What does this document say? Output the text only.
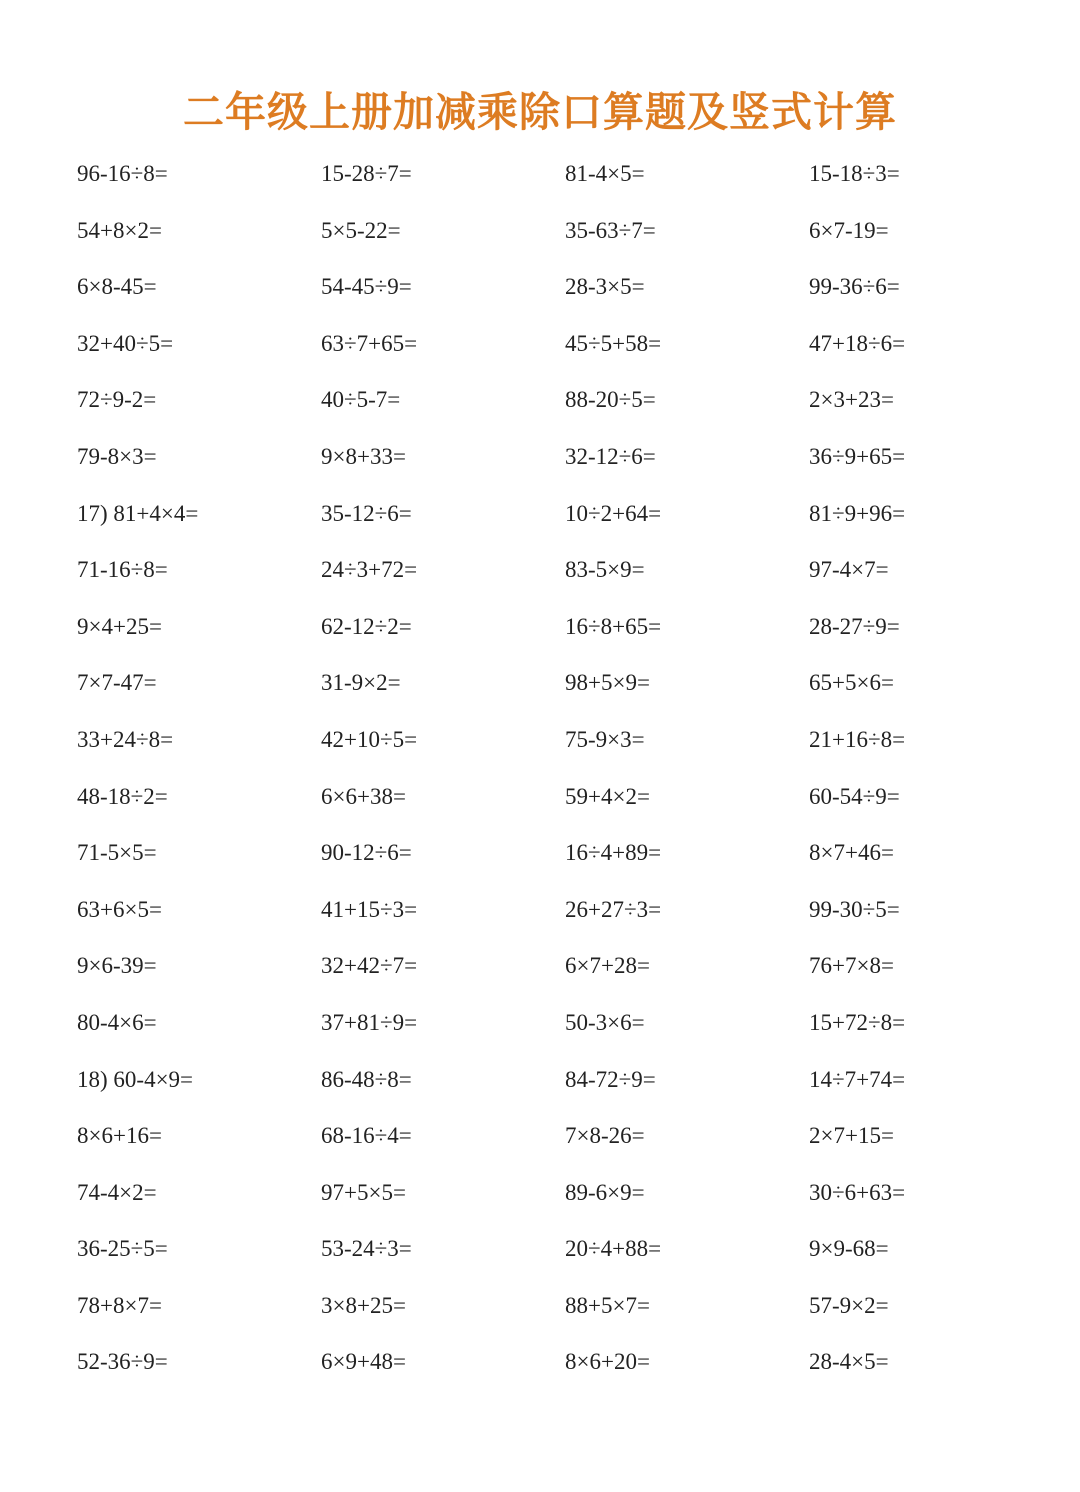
二年级上册加减乘除口算题及竖式计算
96-16÷8=	15-28÷7=	81-4×5=	15-18÷3=
54+8×2=	5×5-22=	35-63÷7=	6×7-19=
6×8-45=	54-45÷9=	28-3×5=	99-36÷6=
32+40÷5=	63÷7+65=	45÷5+58=	47+18÷6=
72÷9-2=	40÷5-7=	88-20÷5=	2×3+23=
79-8×3=	9×8+33=	32-12÷6=	36÷9+65=
17) 81+4×4=	35-12÷6=	10÷2+64=	81÷9+96=
71-16÷8=	24÷3+72=	83-5×9=	97-4×7=
9×4+25=	62-12÷2=	16÷8+65=	28-27÷9=
7×7-47=	31-9×2=	98+5×9=	65+5×6=
33+24÷8=	42+10÷5=	75-9×3=	21+16÷8=
48-18÷2=	6×6+38=	59+4×2=	60-54÷9=
71-5×5=	90-12÷6=	16÷4+89=	8×7+46=
63+6×5=	41+15÷3=	26+27÷3=	99-30÷5=
9×6-39=	32+42÷7=	6×7+28=	76+7×8=
80-4×6=	37+81÷9=	50-3×6=	15+72÷8=
18) 60-4×9=	86-48÷8=	84-72÷9=	14÷7+74=
8×6+16=	68-16÷4=	7×8-26=	2×7+15=
74-4×2=	97+5×5=	89-6×9=	30÷6+63=
36-25÷5=	53-24÷3=	20÷4+88=	9×9-68=
78+8×7=	3×8+25=	88+5×7=	57-9×2=
52-36÷9=	6×9+48=	8×6+20=	28-4×5=
